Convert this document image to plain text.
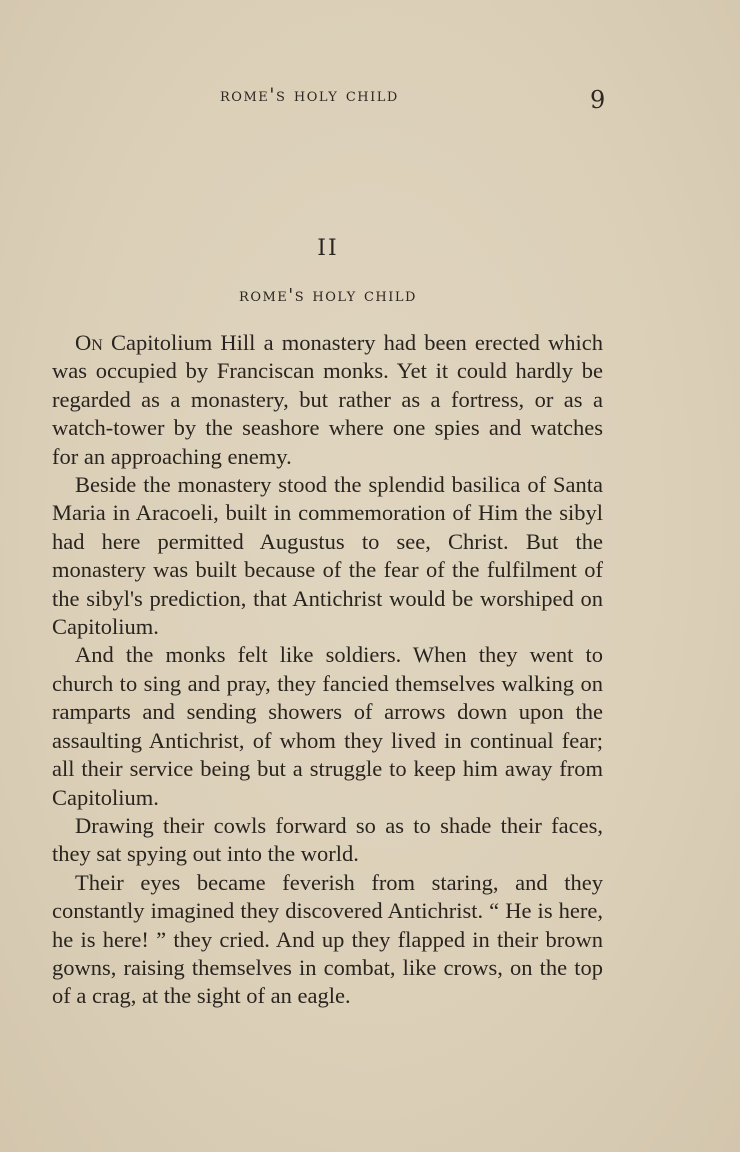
rome's holy child	9
II
rome's holy child

On Capitolium Hill a monastery had been erected which was occupied by Franciscan monks. Yet it could hardly be regarded as a monastery, but rather as a fortress, or as a watch-tower by the seashore where one spies and watches for an approaching enemy.

Beside the monastery stood the splendid basilica of Santa Maria in Aracoeli, built in commemoration of Him the sibyl had here permitted Augustus to see, Christ. But the monastery was built because of the fear of the fulfilment of the sibyl's prediction, that Antichrist would be worshiped on Capitolium.

And the monks felt like soldiers. When they went to church to sing and pray, they fancied themselves walking on ramparts and sending showers of arrows down upon the assaulting Antichrist, of whom they lived in continual fear; all their service being but a struggle to keep him away from Capitolium.

Drawing their cowls forward so as to shade their faces, they sat spying out into the world.

Their eyes became feverish from staring, and they constantly imagined they discovered Antichrist. “ He is here, he is here! ” they cried. And up they flapped in their brown gowns, raising themselves in combat, like crows, on the top of a crag, at the sight of an eagle.
